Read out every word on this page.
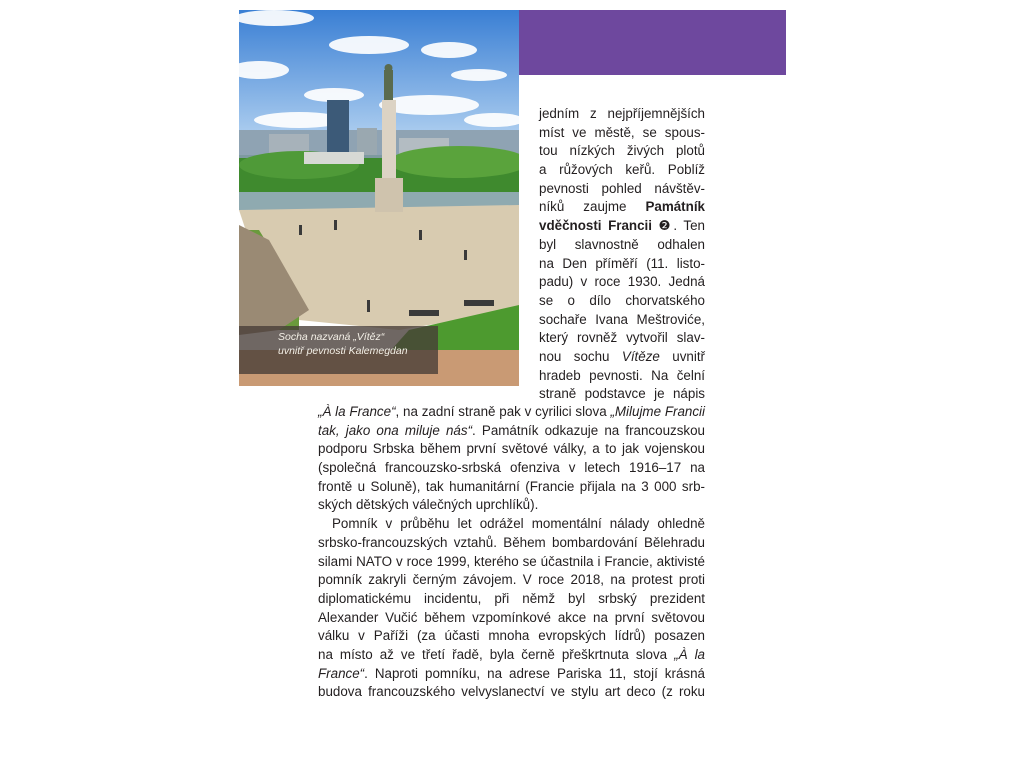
Socha nazvaná „Vítěz“
uvnitř pevnosti Kalemegdan
jedním z nejpříjemnějších
míst ve městě, se spous-
tou nízkých živých plotů
a růžových keřů. Poblíž
pevnosti pohled návštěv-
níků zaujme Památník
vděčnosti Francii ❷. Ten
byl slavnostně odhalen
na Den příměří (11. listo-
padu) v roce 1930. Jedná
se o dílo chorvatského
sochaře Ivana Meštroviće,
který rovněž vytvořil slav-
nou sochu Vítěze uvnitř
hradeb pevnosti. Na čelní
straně podstavce je nápis
„À la France“, na zadní straně pak v cyrilici slova „Milujme Francii
tak, jako ona miluje nás“. Památník odkazuje na francouzskou
podporu Srbska během první světové války, a to jak vojenskou
(společná francouzsko-srbská ofenziva v letech 1916–17 na
frontě u Soluně), tak humanitární (Francie přijala na 3 000 srb-
ských dětských válečných uprchlíků).
Pomník v průběhu let odrážel momentální nálady ohledně
srbsko-francouzských vztahů. Během bombardování Bělehradu
silami NATO v roce 1999, kterého se účastnila i Francie, aktivisté
pomník zakryli černým závojem. V roce 2018, na protest proti
diplomatickému incidentu, při němž byl srbský prezident
Alexander Vučić během vzpomínkové akce na první světovou
válku v Paříži (za účasti mnoha evropských lídrů) posazen
na místo až ve třetí řadě, byla černě přeškrtnuta slova „À la
France“. Naproti pomníku, na adrese Pariska 11, stojí krásná
budova francouzského velvyslanectví ve stylu art deco (z roku
